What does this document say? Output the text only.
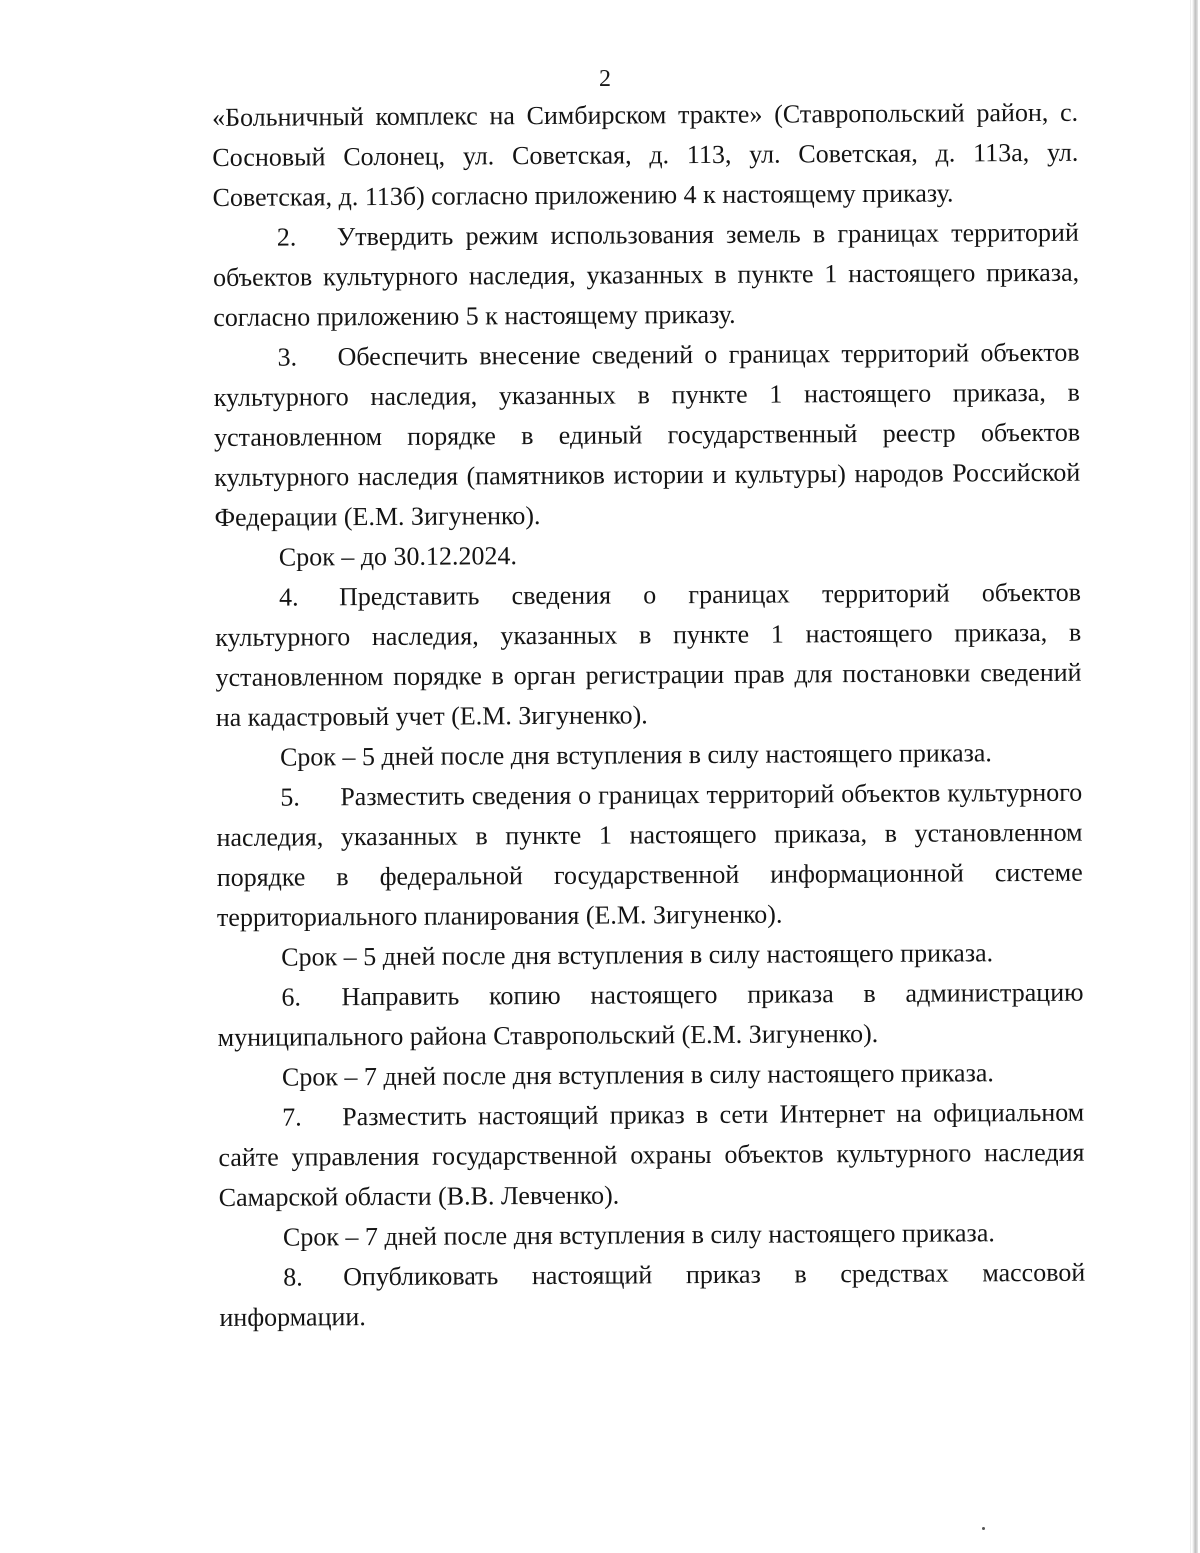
2

«Больничный комплекс на Симбирском тракте» (Ставропольский район, с. Сосновый Солонец, ул. Советская, д. 113, ул. Советская, д. 113а, ул. Советская, д. 113б) согласно приложению 4 к настоящему приказу.

2. Утвердить режим использования земель в границах территорий объектов культурного наследия, указанных в пункте 1 настоящего приказа, согласно приложению 5 к настоящему приказу.

3. Обеспечить внесение сведений о границах территорий объектов культурного наследия, указанных в пункте 1 настоящего приказа, в установленном порядке в единый государственный реестр объектов культурного наследия (памятников истории и культуры) народов Российской Федерации (Е.М. Зигуненко).

Срок – до 30.12.2024.

4. Представить сведения о границах территорий объектов культурного наследия, указанных в пункте 1 настоящего приказа, в установленном порядке в орган регистрации прав для постановки сведений на кадастровый учет (Е.М. Зигуненко).

Срок – 5 дней после дня вступления в силу настоящего приказа.

5. Разместить сведения о границах территорий объектов культурного наследия, указанных в пункте 1 настоящего приказа, в установленном порядке в федеральной государственной информационной системе территориального планирования (Е.М. Зигуненко).

Срок – 5 дней после дня вступления в силу настоящего приказа.

6. Направить копию настоящего приказа в администрацию муниципального района Ставропольский (Е.М. Зигуненко).

Срок – 7 дней после дня вступления в силу настоящего приказа.

7. Разместить настоящий приказ в сети Интернет на официальном сайте управления государственной охраны объектов культурного наследия Самарской области (В.В. Левченко).

Срок – 7 дней после дня вступления в силу настоящего приказа.

8. Опубликовать настоящий приказ в средствах массовой информации.
